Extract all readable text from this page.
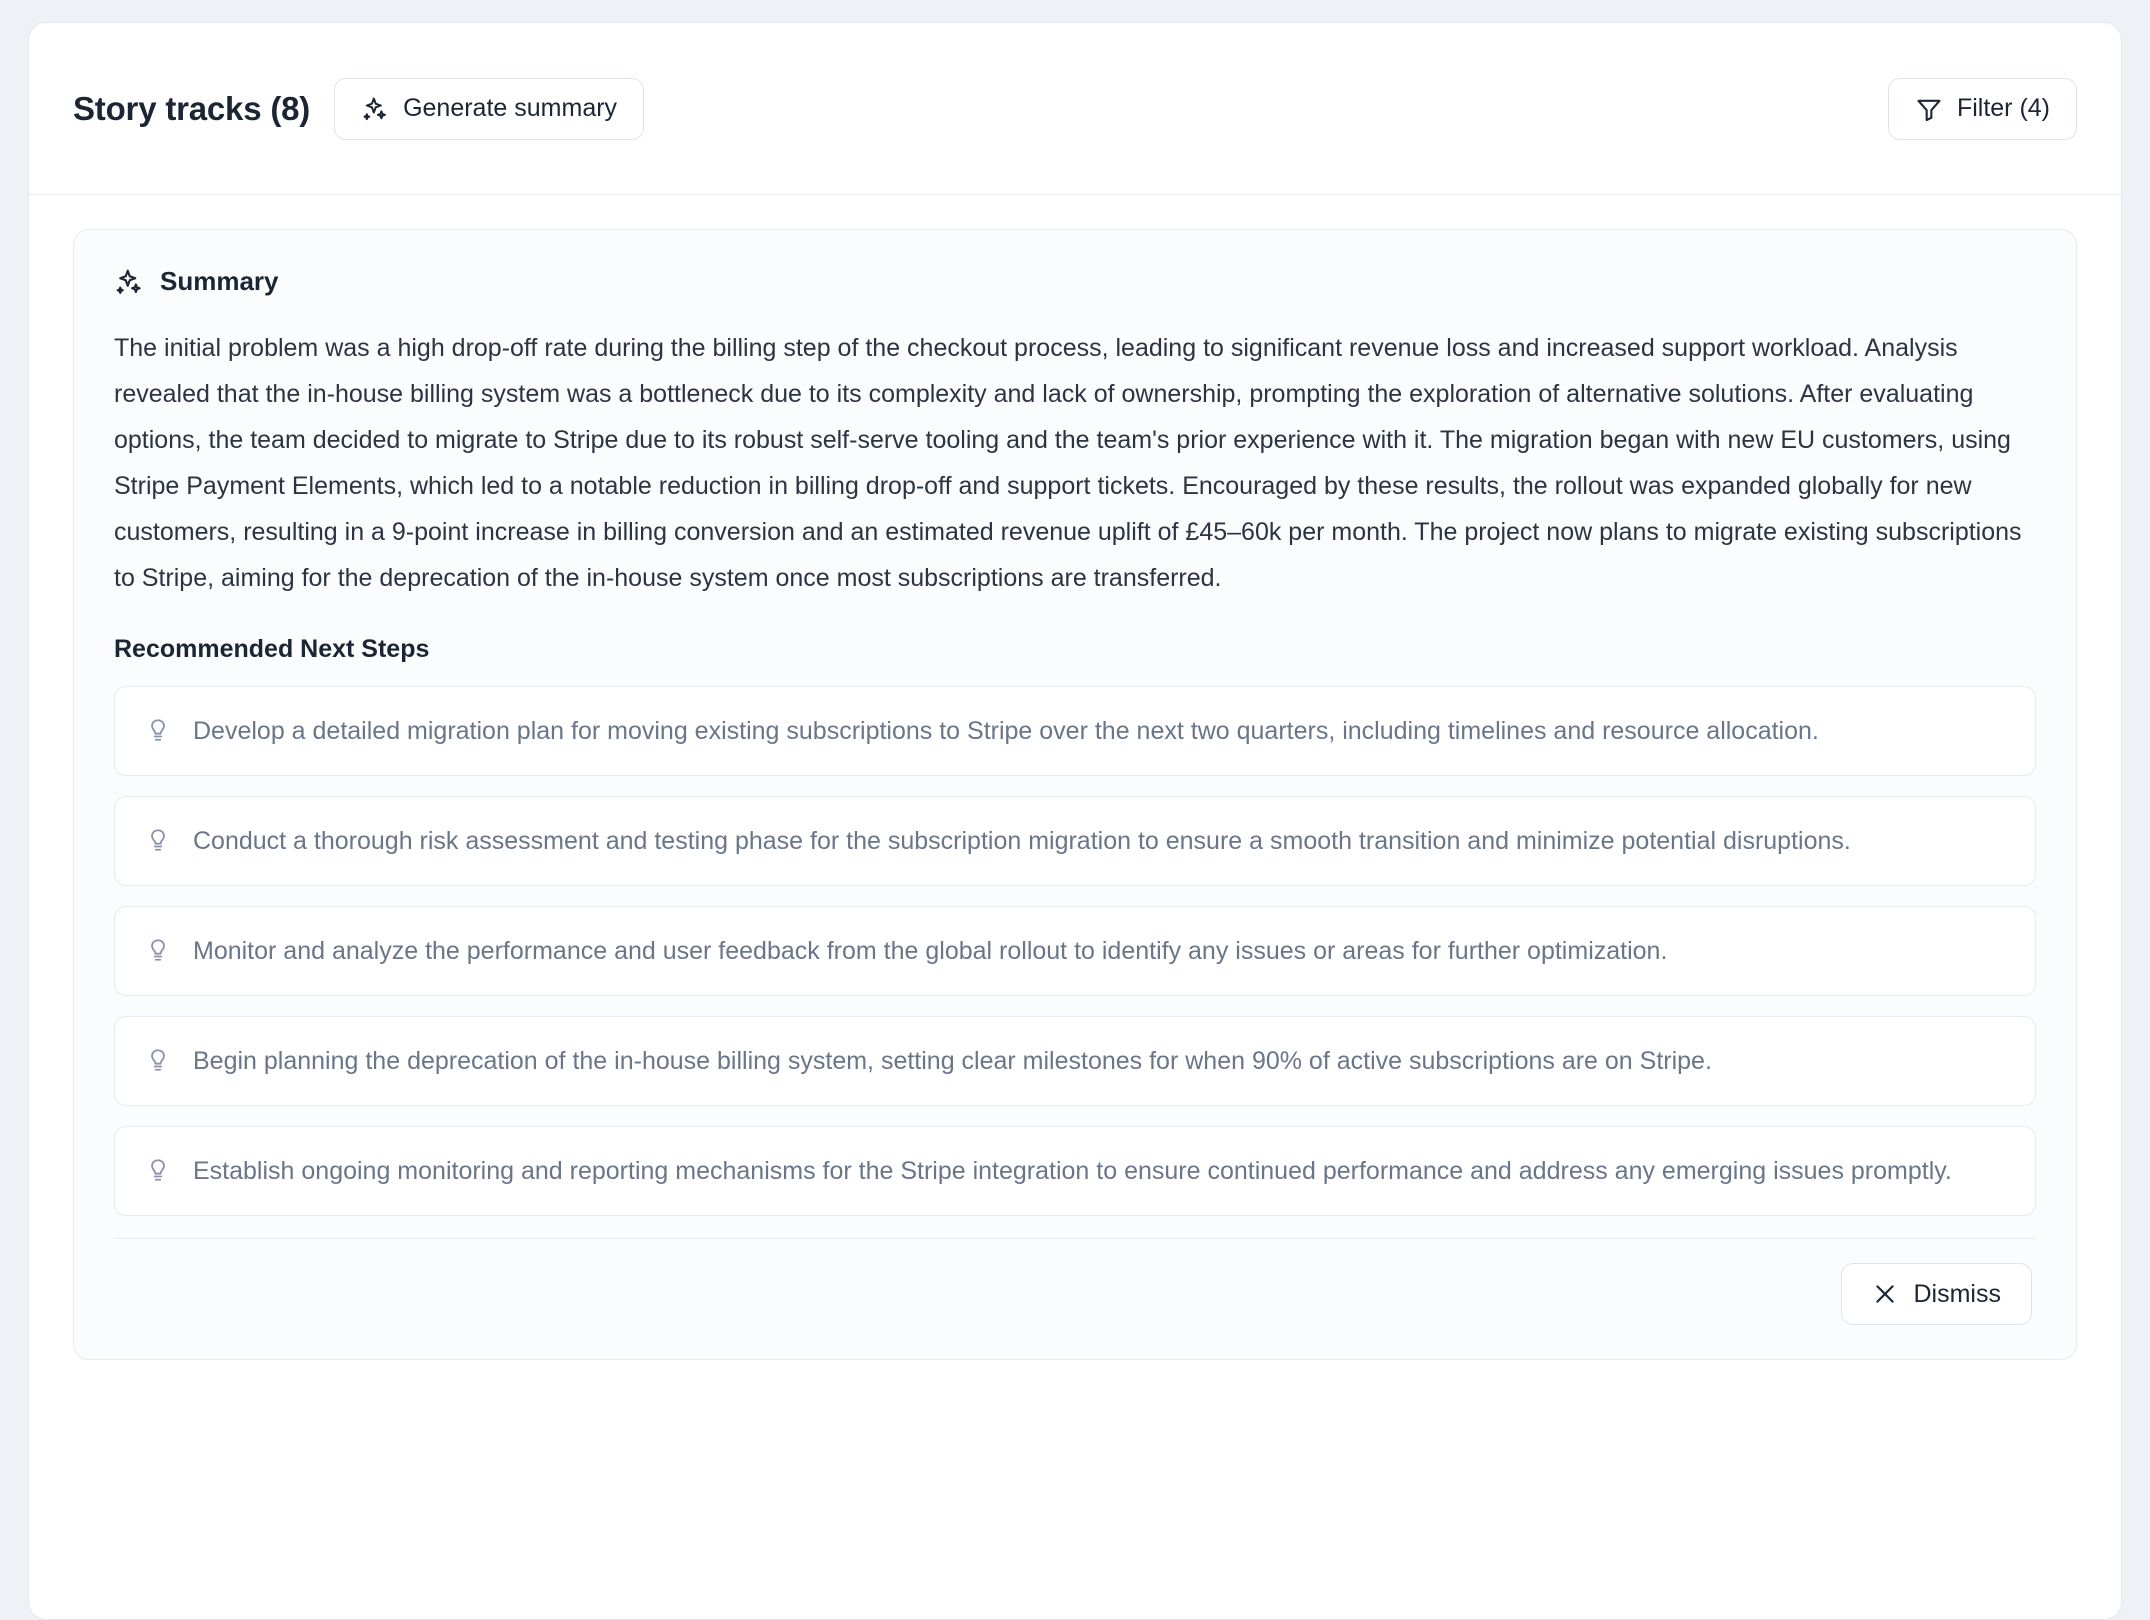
Story tracks (8)	Generate summary	Filter (4)
Summary

The initial problem was a high drop-off rate during the billing step of the checkout process, leading to significant revenue loss and increased support workload. Analysis revealed that the in-house billing system was a bottleneck due to its complexity and lack of ownership, prompting the exploration of alternative solutions. After evaluating options, the team decided to migrate to Stripe due to its robust self-serve tooling and the team's prior experience with it. The migration began with new EU customers, using Stripe Payment Elements, which led to a notable reduction in billing drop-off and support tickets. Encouraged by these results, the rollout was expanded globally for new customers, resulting in a 9-point increase in billing conversion and an estimated revenue uplift of £45–60k per month. The project now plans to migrate existing subscriptions to Stripe, aiming for the deprecation of the in-house system once most subscriptions are transferred.

Recommended Next Steps
Develop a detailed migration plan for moving existing subscriptions to Stripe over the next two quarters, including timelines and resource allocation.
Conduct a thorough risk assessment and testing phase for the subscription migration to ensure a smooth transition and minimize potential disruptions.
Monitor and analyze the performance and user feedback from the global rollout to identify any issues or areas for further optimization.
Begin planning the deprecation of the in-house billing system, setting clear milestones for when 90% of active subscriptions are on Stripe.
Establish ongoing monitoring and reporting mechanisms for the Stripe integration to ensure continued performance and address any emerging issues promptly.
Dismiss
